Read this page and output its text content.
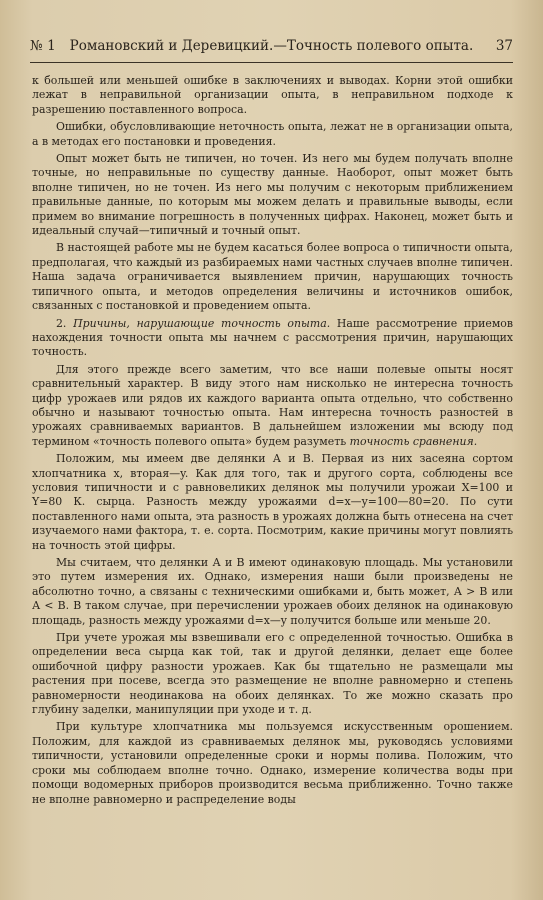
№ 1 Романовский и Деревицкий.—Точность полевого опыта.	37

к большей или меньшей ошибке в заключениях и выводах. Корни этой ошибки лежат в неправильной организации опыта, в неправильном подходе к разрешению поставленного вопроса.

Ошибки, обусловливающие неточность опыта, лежат не в организации опыта, а в методах его постановки и проведения.

Опыт может быть не типичен, но точен. Из него мы будем получать вполне точные, но неправильные по существу данные. Наоборот, опыт может быть вполне типичен, но не точен. Из него мы получим с некоторым приближением правильные данные, по которым мы можем делать и правильные выводы, если примем во внимание погрешность в полученных цифрах. Наконец, может быть и идеальный случай—типичный и точный опыт.

В настоящей работе мы не будем касаться более вопроса о типичности опыта, предполагая, что каждый из разбираемых нами частных случаев вполне типичен. Наша задача ограничивается выявлением причин, нарушающих точность типичного опыта, и методов определения величины и источников ошибок, связанных с постановкой и проведением опыта.

2. Причины, нарушающие точность опыта. Наше рассмотрение приемов нахождения точности опыта мы начнем с рассмотрения причин, нарушающих точность.

Для этого прежде всего заметим, что все наши полевые опыты носят сравнительный характер. В виду этого нам нисколько не интересна точность цифр урожаев или рядов их каждого варианта опыта отдельно, что собственно обычно и называют точностью опыта. Нам интересна точность разностей в урожаях сравниваемых вариантов. В дальнейшем изложении мы всюду под термином «точность полевого опыта» будем разуметь точность сравнения.

Положим, мы имеем две делянки А и В. Первая из них засеяна сортом хлопчатника x, вторая—y. Как для того, так и другого сорта, соблюдены все условия типичности и с равновеликих делянок мы получили урожаи X=100 и Y=80 К. сырца. Разность между урожаями d=x—y=100—80=20. По сути поставленного нами опыта, эта разность в урожаях должна быть отнесена на счет изучаемого нами фактора, т. е. сорта. Посмотрим, какие причины могут повлиять на точность этой цифры.

Мы считаем, что делянки А и В имеют одинаковую площадь. Мы установили это путем измерения их. Однако, измерения наши были произведены не абсолютно точно, а связаны с техническими ошибками и, быть может, А > В или А < В. В таком случае, при перечислении урожаев обоих делянок на одинаковую площадь, разность между урожаями d=x—y получится больше или меньше 20.

При учете урожая мы взвешивали его с определенной точностью. Ошибка в определении веса сырца как той, так и другой делянки, делает еще более ошибочной цифру разности урожаев. Как бы тщательно не размещали мы растения при посеве, всегда это размещение не вполне равномерно и степень равномерности неодинакова на обоих делянках. То же можно сказать про глубину заделки, манипуляции при уходе и т. д.

При культуре хлопчатника мы пользуемся искусственным орошением. Положим, для каждой из сравниваемых делянок мы, руководясь условиями типичности, установили определенные сроки и нормы полива. Положим, что сроки мы соблюдаем вполне точно. Однако, измерение количества воды при помощи водомерных приборов производится весьма приближенно. Точно также не вполне равномерно и распределение воды
